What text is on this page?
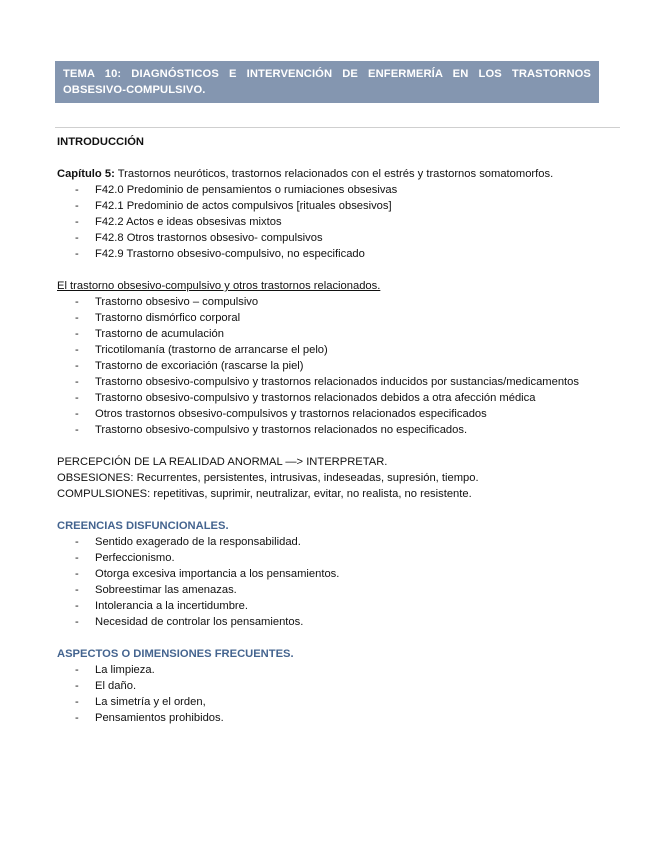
TEMA 10: DIAGNÓSTICOS E INTERVENCIÓN DE ENFERMERÍA EN LOS TRASTORNOS OBSESIVO-COMPULSIVO.

INTRODUCCIÓN

Capítulo 5: Trastornos neuróticos, trastornos relacionados con el estrés y trastornos somatomorfos.

- F42.0 Predominio de pensamientos o rumiaciones obsesivas
- F42.1 Predominio de actos compulsivos [rituales obsesivos]
- F42.2 Actos e ideas obsesivas mixtos
- F42.8 Otros trastornos obsesivo- compulsivos
- F42.9 Trastorno obsesivo-compulsivo, no especificado

El trastorno obsesivo-compulsivo y otros trastornos relacionados.

- Trastorno obsesivo – compulsivo
- Trastorno dismórfico corporal
- Trastorno de acumulación
- Tricotilomanía (trastorno de arrancarse el pelo)
- Trastorno de excoriación (rascarse la piel)
- Trastorno obsesivo-compulsivo y trastornos relacionados inducidos por sustancias/medicamentos
- Trastorno obsesivo-compulsivo y trastornos relacionados debidos a otra afección médica
- Otros trastornos obsesivo-compulsivos y trastornos relacionados especificados
- Trastorno obsesivo-compulsivo y trastornos relacionados no especificados.

PERCEPCIÓN DE LA REALIDAD ANORMAL —> INTERPRETAR.

OBSESIONES: Recurrentes, persistentes, intrusivas, indeseadas, supresión, tiempo.

COMPULSIONES: repetitivas, suprimir, neutralizar, evitar, no realista, no resistente.

CREENCIAS DISFUNCIONALES.

- Sentido exagerado de la responsabilidad.
- Perfeccionismo.
- Otorga excesiva importancia a los pensamientos.
- Sobreestimar las amenazas.
- Intolerancia a la incertidumbre.
- Necesidad de controlar los pensamientos.

ASPECTOS O DIMENSIONES FRECUENTES.

- La limpieza.
- El daño.
- La simetría y el orden,
- Pensamientos prohibidos.
